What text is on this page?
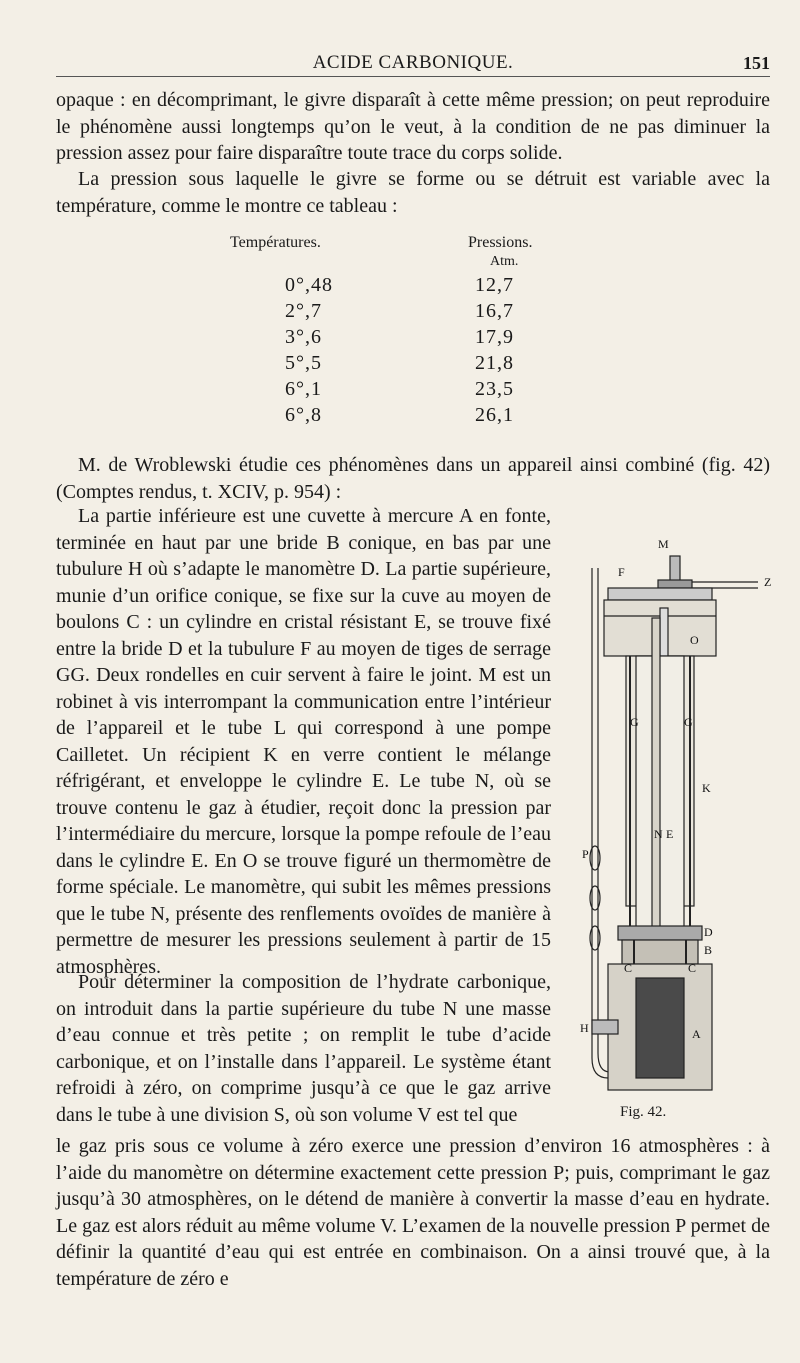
ACIDE CARBONIQUE.	151

opaque : en décomprimant, le givre disparaît à cette même pression; on peut reproduire le phénomène aussi longtemps qu’on le veut, à la condition de ne pas diminuer la pression assez pour faire disparaître toute trace du corps solide.

La pression sous laquelle le givre se forme ou se détruit est variable avec la température, comme le montre ce tableau :

Températures.	Pressions.
Atm.
0°,48	12,7
2°,7	16,7
3°,6	17,9
5°,5	21,8
6°,1	23,5
6°,8	26,1

M. de Wroblewski étudie ces phénomènes dans un appareil ainsi combiné (fig. 42) (Comptes rendus, t. XCIV, p. 954) :

La partie inférieure est une cuvette à mercure A en fonte, terminée en haut par une bride B conique, en bas par une tubulure H où s’adapte le manomètre D. La partie supérieure, munie d’un orifice conique, se fixe sur la cuve au moyen de boulons C : un cylindre en cristal résistant E, se trouve fixé entre la bride D et la tubulure F au moyen de tiges de serrage GG. Deux rondelles en cuir servent à faire le joint. M est un robinet à vis interrompant la communication entre l’intérieur de l’appareil et le tube L qui correspond à une pompe Cailletet. Un récipient K en verre contient le mélange réfrigérant, et enveloppe le cylindre E. Le tube N, où se trouve contenu le gaz à étudier, reçoit donc la pression par l’intermédiaire du mercure, lorsque la pompe refoule de l’eau dans le cylindre E. En O se trouve figuré un thermomètre de forme spéciale. Le manomètre, qui subit les mêmes pressions que le tube N, présente des renflements ovoïdes de manière à permettre de mesurer les pressions seulement à partir de 15 atmosphères.

Pour déterminer la composition de l’hydrate carbonique, on introduit dans la partie supérieure du tube N une masse d’eau connue et très petite ; on remplit le tube d’acide carbonique, et on l’installe dans l’appareil. Le système étant refroidi à zéro, on comprime jusqu’à ce que le gaz arrive dans le tube à une division S, où son volume V est tel que

M
F
Z
O
G	G
K
N E
P
D
B
C	C
H	A
Fig. 42.

le gaz pris sous ce volume à zéro exerce une pression d’environ 16 atmosphères : à l’aide du manomètre on détermine exactement cette pression P; puis, comprimant le gaz jusqu’à 30 atmosphères, on le détend de manière à convertir la masse d’eau en hydrate. Le gaz est alors réduit au même volume V. L’examen de la nouvelle pression P permet de définir la quantité d’eau qui est entrée en combinaison. On a ainsi trouvé que, à la température de zéro e
